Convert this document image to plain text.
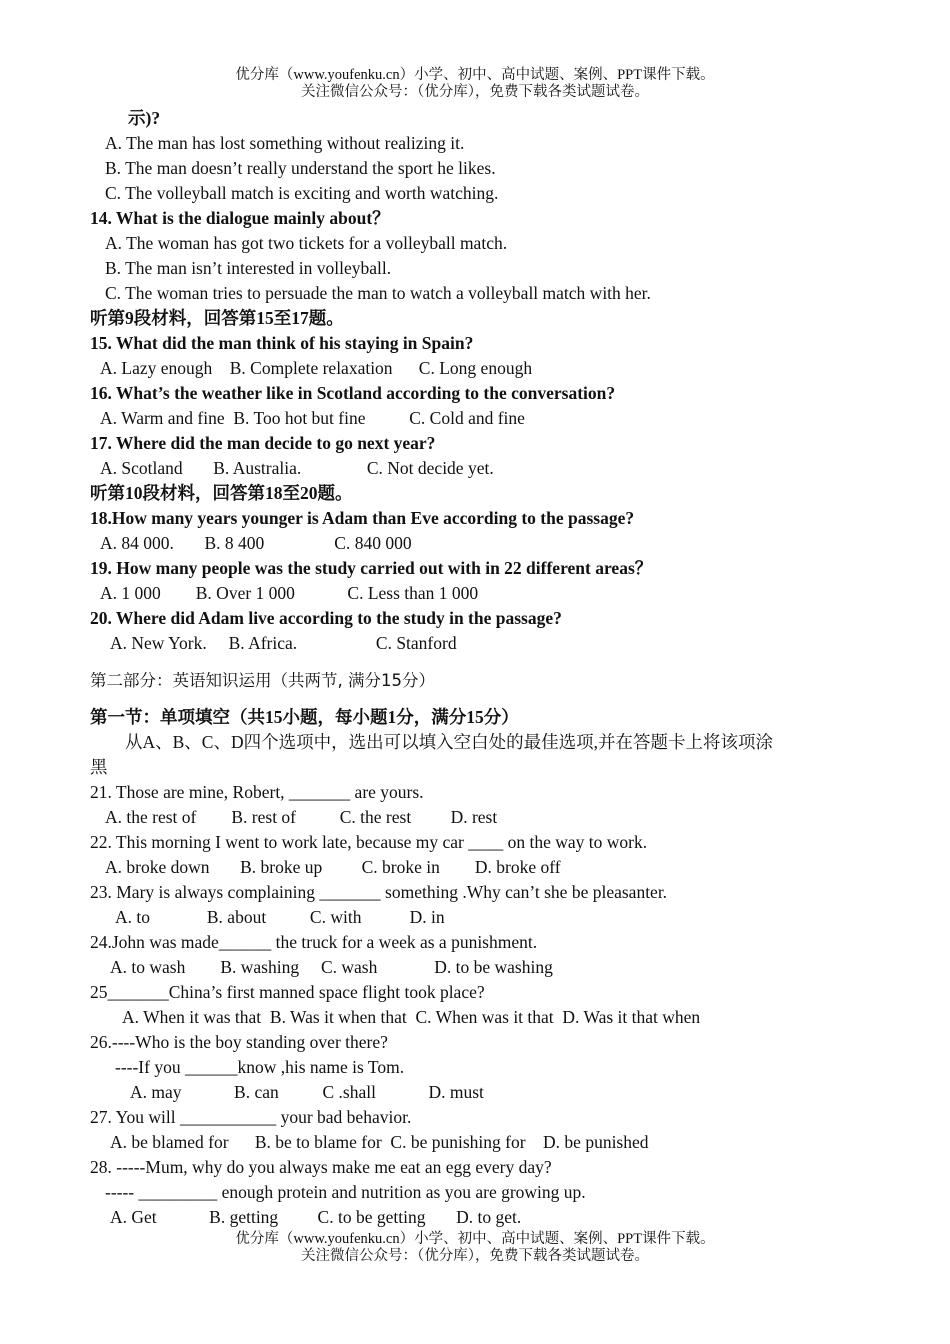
优分库（www.youfenku.cn）小学、初中、高中试题、案例、PPT课件下载。
关注微信公众号：（优分库），免费下载各类试题试卷。
示)?
A. The man has lost something without realizing it.
B. The man doesn’t really understand the sport he likes.
C. The volleyball match is exciting and worth watching.
14. What is the dialogue mainly about？
A. The woman has got two tickets for a volleyball match.
B. The man isn’t interested in volleyball.
C. The woman tries to persuade the man to watch a volleyball match with her.
听第9段材料，回答第15至17题。
15. What did the man think of his staying in Spain?
A. Lazy enough    B. Complete relaxation      C. Long enough
16. What’s the weather like in Scotland according to the conversation?
A. Warm and fine  B. Too hot but fine          C. Cold and fine
17. Where did the man decide to go next year?
A. Scotland       B. Australia.               C. Not decide yet.
听第10段材料，回答第18至20题。
18.How many years younger is Adam than Eve according to the passage?
A. 84 000.       B. 8 400                C. 840 000
19. How many people was the study carried out with in 22 different areas？
A. 1 000        B. Over 1 000            C. Less than 1 000
20. Where did Adam live according to the study in the passage?
A. New York.     B. Africa.                  C. Stanford
第二部分：英语知识运用（共两节, 满分15分）
第一节：单项填空（共15小题，每小题1分，满分15分）
从A、B、C、D四个选项中，选出可以填入空白处的最佳选项,并在答题卡上将该项涂
黑
21. Those are mine, Robert, _______ are yours.
A. the rest of        B. rest of          C. the rest         D. rest
22. This morning I went to work late, because my car ____ on the way to work.
A. broke down       B. broke up         C. broke in        D. broke off
23. Mary is always complaining _______ something .Why can’t she be pleasanter.
A. to             B. about          C. with           D. in
24.John was made______ the truck for a week as a punishment.
A. to wash        B. washing     C. wash             D. to be washing
25_______China’s first manned space flight took place?
A. When it was that  B. Was it when that  C. When was it that  D. Was it that when
26.----Who is the boy standing over there?
----If you ______know ,his name is Tom.
A. may            B. can          C .shall            D. must
27. You will ___________ your bad behavior.
A. be blamed for      B. be to blame for  C. be punishing for    D. be punished
28. -----Mum, why do you always make me eat an egg every day?
----- _________ enough protein and nutrition as you are growing up.
A. Get            B. getting         C. to be getting       D. to get.
优分库（www.youfenku.cn）小学、初中、高中试题、案例、PPT课件下载。
关注微信公众号：（优分库），免费下载各类试题试卷。
